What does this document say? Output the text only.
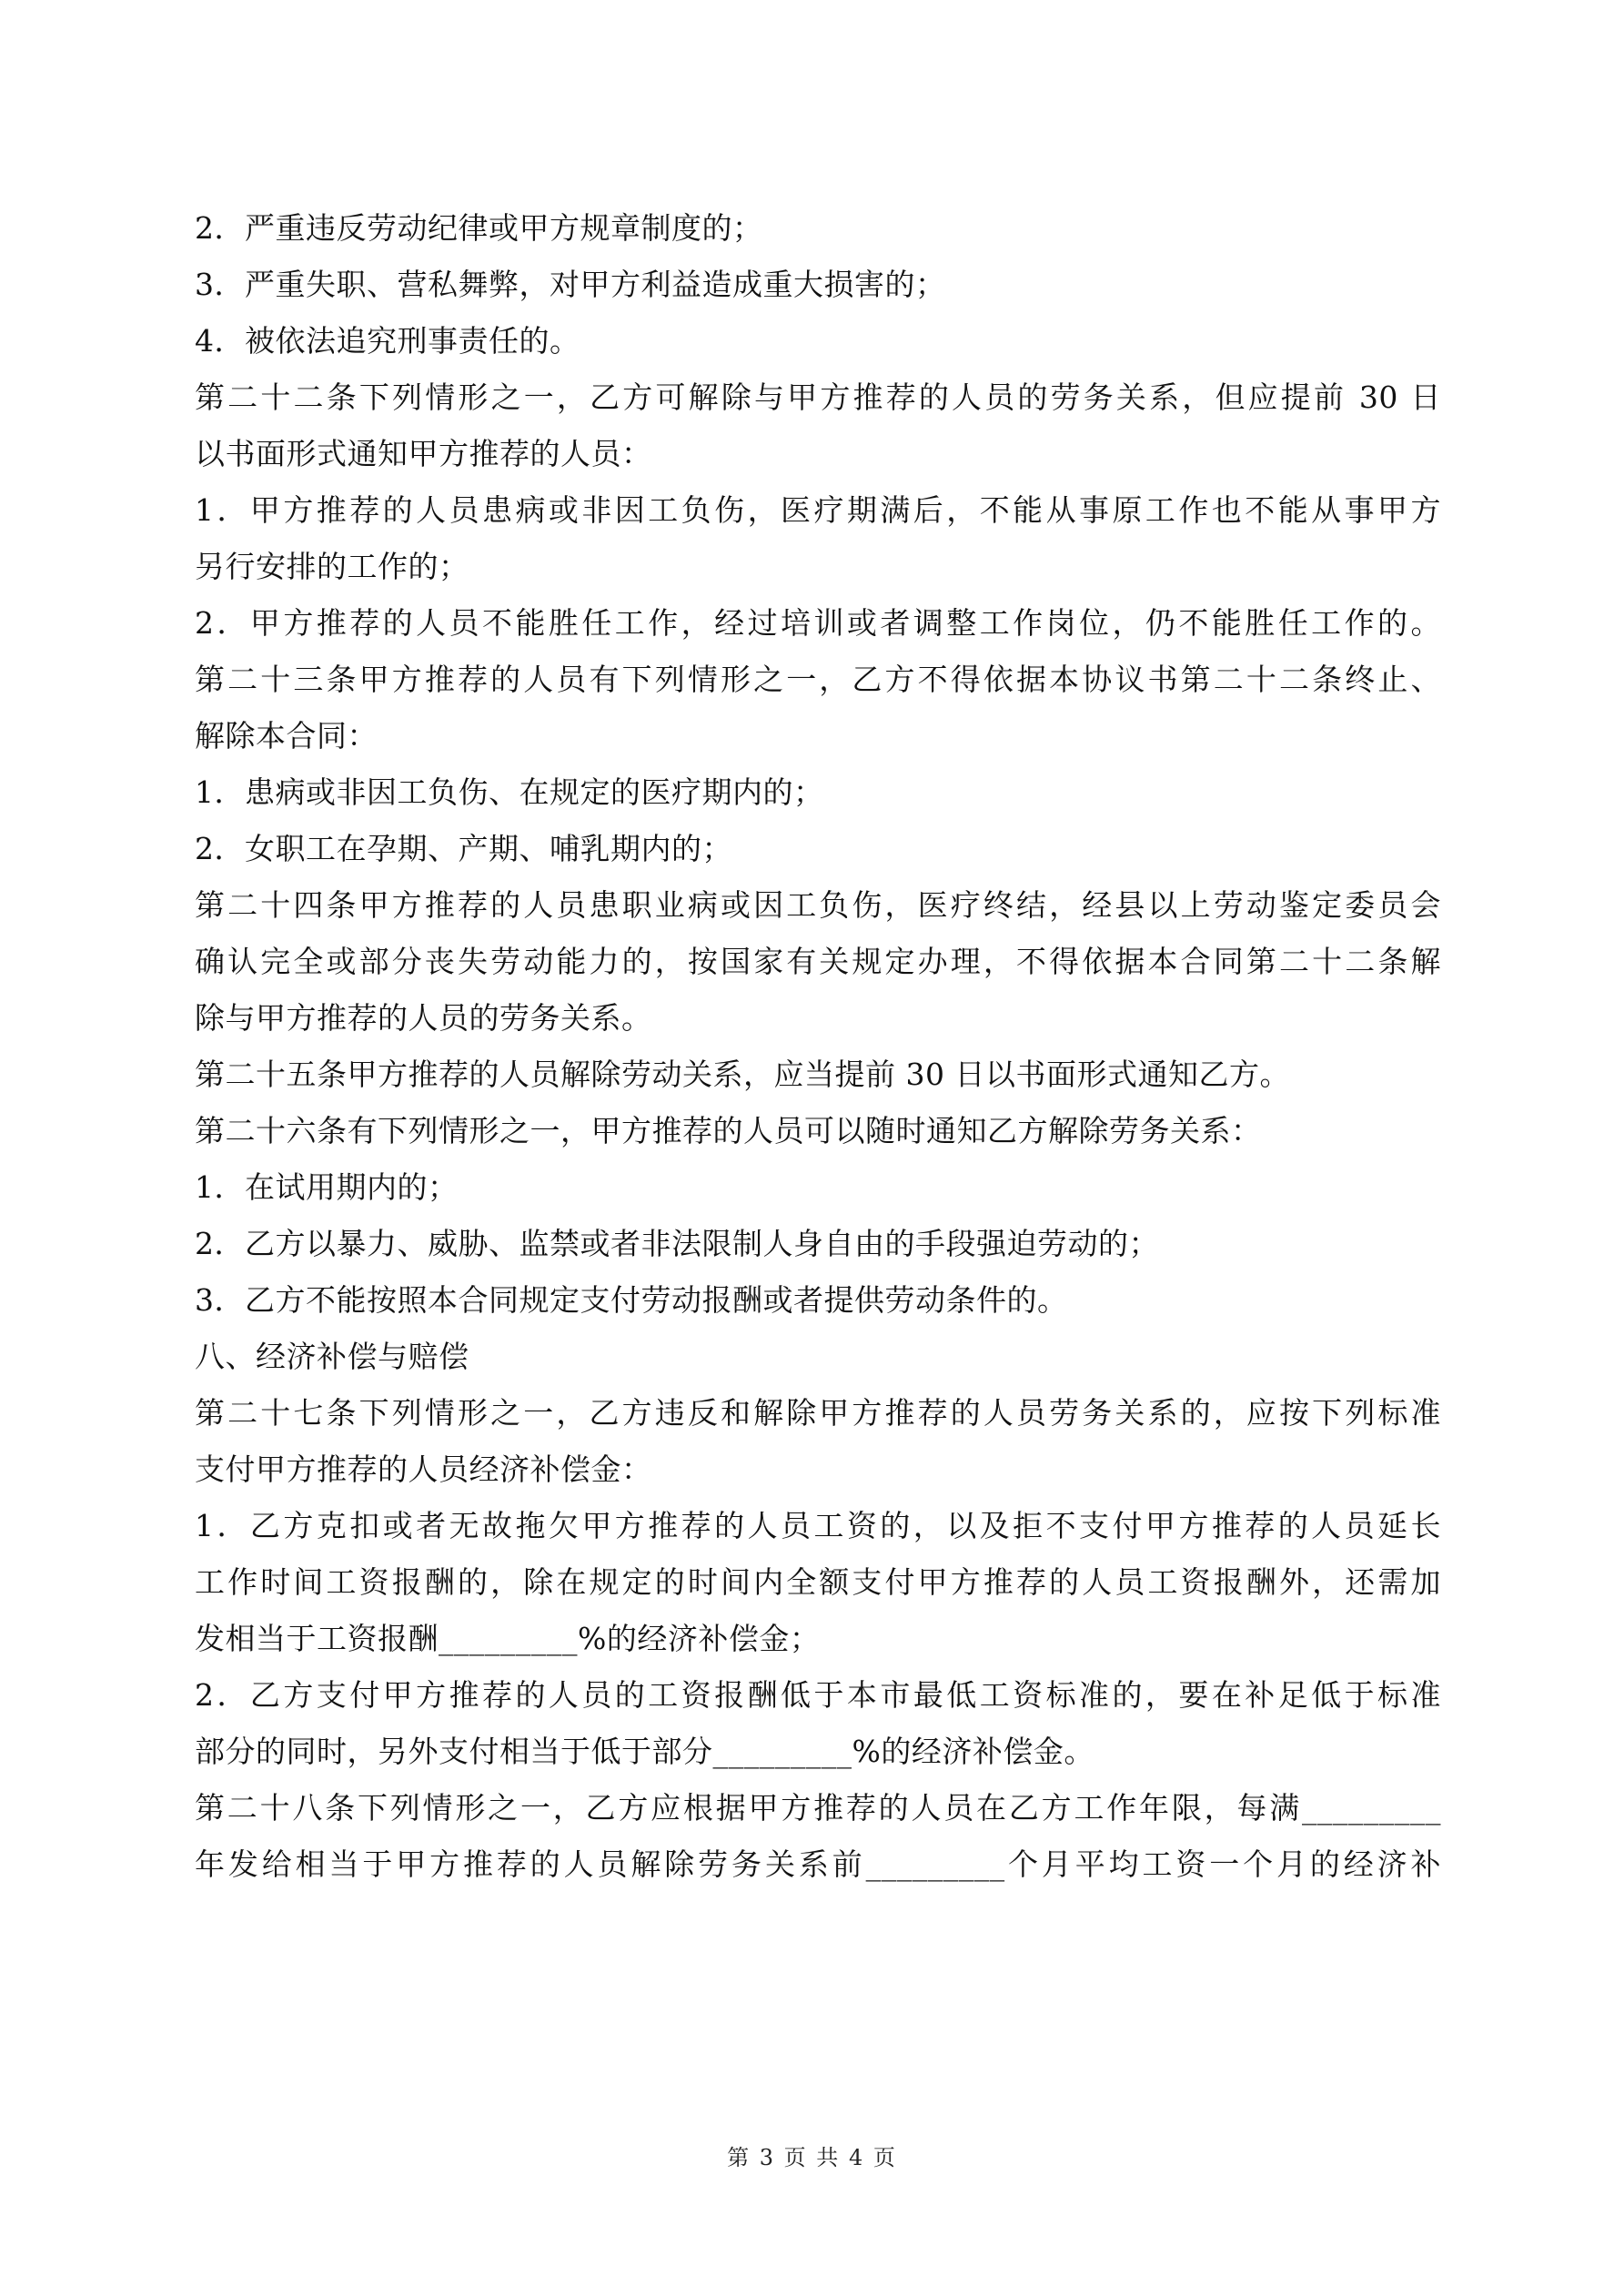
2．严重违反劳动纪律或甲方规章制度的；
3．严重失职、营私舞弊，对甲方利益造成重大损害的；
4．被依法追究刑事责任的。
第二十二条下列情形之一，乙方可解除与甲方推荐的人员的劳务关系，但应提前 30 日
以书面形式通知甲方推荐的人员：
1．甲方推荐的人员患病或非因工负伤，医疗期满后，不能从事原工作也不能从事甲方
另行安排的工作的；
2．甲方推荐的人员不能胜任工作，经过培训或者调整工作岗位，仍不能胜任工作的。
第二十三条甲方推荐的人员有下列情形之一，乙方不得依据本协议书第二十二条终止、
解除本合同：
1．患病或非因工负伤、在规定的医疗期内的；
2．女职工在孕期、产期、哺乳期内的；
第二十四条甲方推荐的人员患职业病或因工负伤，医疗终结，经县以上劳动鉴定委员会
确认完全或部分丧失劳动能力的，按国家有关规定办理，不得依据本合同第二十二条解
除与甲方推荐的人员的劳务关系。
第二十五条甲方推荐的人员解除劳动关系，应当提前 30 日以书面形式通知乙方。
第二十六条有下列情形之一，甲方推荐的人员可以随时通知乙方解除劳务关系：
1．在试用期内的；
2．乙方以暴力、威胁、监禁或者非法限制人身自由的手段强迫劳动的；
3．乙方不能按照本合同规定支付劳动报酬或者提供劳动条件的。
八、经济补偿与赔偿
第二十七条下列情形之一，乙方违反和解除甲方推荐的人员劳务关系的，应按下列标准
支付甲方推荐的人员经济补偿金：
1．乙方克扣或者无故拖欠甲方推荐的人员工资的，以及拒不支付甲方推荐的人员延长
工作时间工资报酬的，除在规定的时间内全额支付甲方推荐的人员工资报酬外，还需加
发相当于工资报酬_________%的经济补偿金；
2．乙方支付甲方推荐的人员的工资报酬低于本市最低工资标准的，要在补足低于标准
部分的同时，另外支付相当于低于部分_________%的经济补偿金。
第二十八条下列情形之一，乙方应根据甲方推荐的人员在乙方工作年限，每满_________
年发给相当于甲方推荐的人员解除劳务关系前_________个月平均工资一个月的经济补
第 3 页 共 4 页
